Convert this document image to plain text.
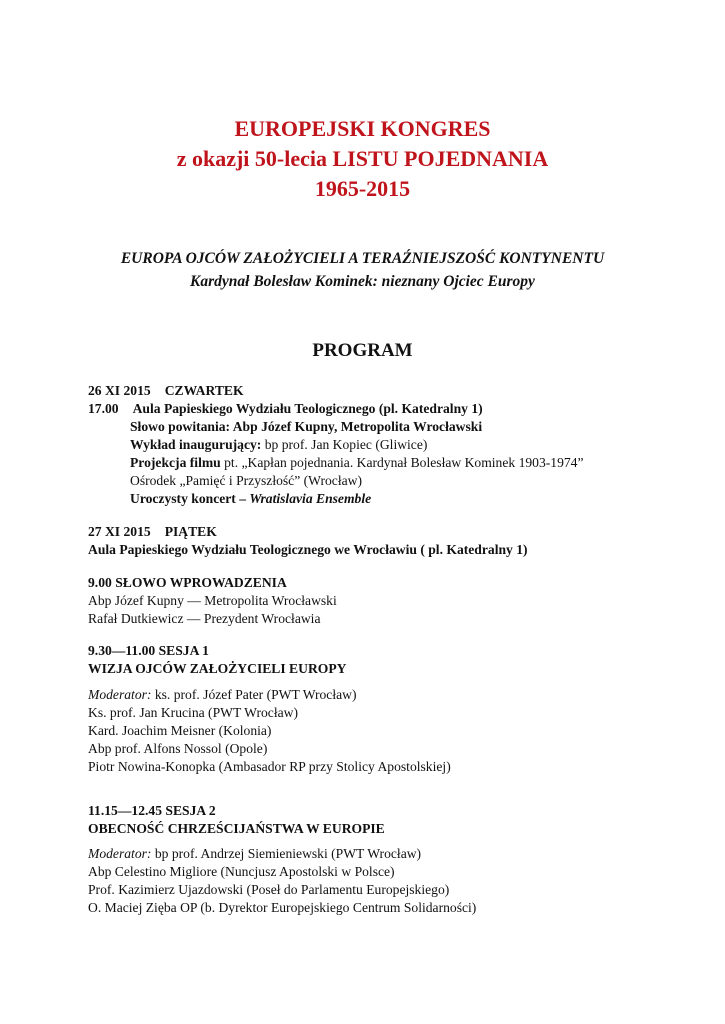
EUROPEJSKI KONGRES
z okazji 50-lecia LISTU POJEDNANIA
1965-2015
EUROPA OJCÓW ZAŁOŻYCIELI A TERAŹNIEJSZOŚĆ KONTYNENTU
Kardynał Bolesław Kominek: nieznany Ojciec Europy
PROGRAM
26 XI 2015 CZWARTEK
17.00 Aula Papieskiego Wydziału Teologicznego (pl. Katedralny 1)
Słowo powitania: Abp Józef Kupny, Metropolita Wrocławski
Wykład inaugurujący: bp prof. Jan Kopiec (Gliwice)
Projekcja filmu pt. „Kapłan pojednania. Kardynał Bolesław Kominek 1903-1974”
Ośrodek „Pamięć i Przyszłość” (Wrocław)
Uroczysty koncert – Wratislavia Ensemble
27 XI 2015 PIĄTEK
Aula Papieskiego Wydziału Teologicznego we Wrocławiu ( pl. Katedralny 1)
9.00 SŁOWO WPROWADZENIA
Abp Józef Kupny — Metropolita Wrocławski
Rafał Dutkiewicz — Prezydent Wrocławia
9.30—11.00 SESJA 1
WIZJA OJCÓW ZAŁOŻYCIELI EUROPY
Moderator: ks. prof. Józef Pater (PWT Wrocław)
Ks. prof. Jan Krucina (PWT Wrocław)
Kard. Joachim Meisner (Kolonia)
Abp prof. Alfons Nossol (Opole)
Piotr Nowina-Konopka (Ambasador RP przy Stolicy Apostolskiej)
11.15—12.45 SESJA 2
OBECNOŚĆ CHRZEŚCIJAŃSTWA W EUROPIE
Moderator: bp prof. Andrzej Siemieniewski (PWT Wrocław)
Abp Celestino Migliore (Nuncjusz Apostolski w Polsce)
Prof. Kazimierz Ujazdowski (Poseł do Parlamentu Europejskiego)
O. Maciej Zięba OP (b. Dyrektor Europejskiego Centrum Solidarności)
